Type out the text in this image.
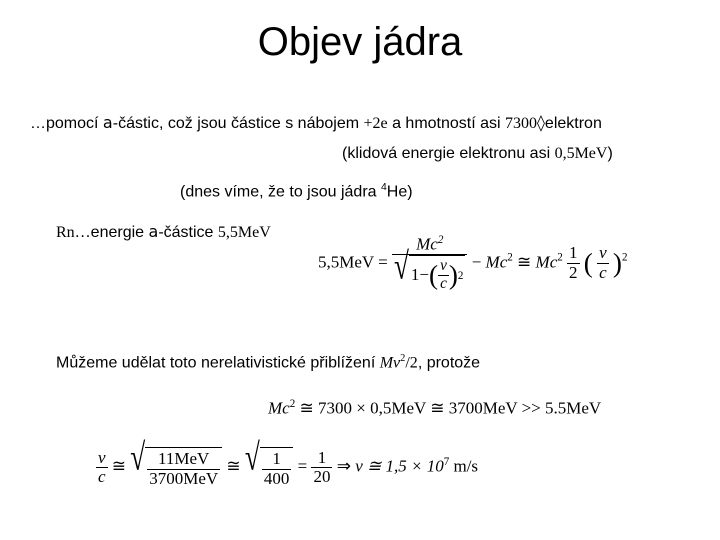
Objev jádra
…pomocí a-částic, což jsou částice s nábojem +2e a hmotností asi 7300◊elektron
(klidová energie elektronu asi 0,5MeV)
(dnes víme, že to jsou jádra $^4$He)
Rn…energie a-částice 5,5MeV
5,5MeV =
Mc$^2$
√ 1 − ( $\frac{v}{c}$ ) 2
− $Mc^2$ ≅ $Mc^2 \frac{1}{2}$ ( $\frac{v}{c} )^2$
Můžeme udělat toto nerelativistické přiblížení Mv$^2$/2, protože
Mc$^2$ ≅ 7300 × 0,5MeV ≅ 3700MeV >> 5.5MeV
$\frac{v}{c}$ ≅ √ $\frac{\text{11MeV}}{\text{3700MeV}}$ ≅ √ $\frac{1}{400} = \frac{1}{20}$ ⇒ v ≅ $1,5 \times 10^7$ m/s
